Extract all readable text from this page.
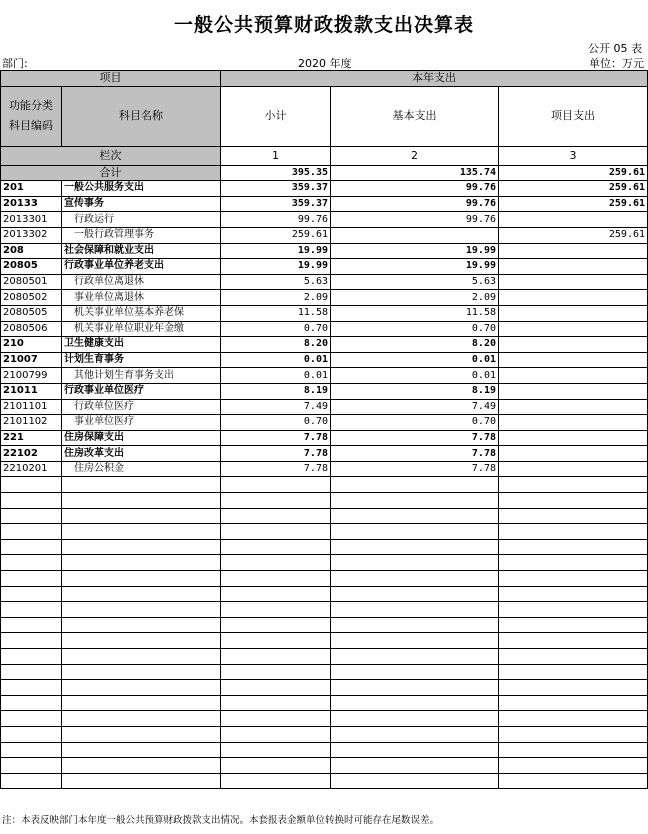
一般公共预算财政拨款支出决算表
公开 05 表
部门:	2020 年度	单位：万元
项目		本年支出		
功能分类
科目编码	科目名称	小计	基本支出	项目支出
栏次		1	2	3
合计		395.35	135.74	259.61
201	一般公共服务支出	359.37	99.76	259.61
20133	宣传事务	359.37	99.76	259.61
2013301	行政运行	99.76	99.76	
2013302	一般行政管理事务	259.61		259.61
208	社会保障和就业支出	19.99	19.99	
20805	行政事业单位养老支出	19.99	19.99	
2080501	行政单位离退休	5.63	5.63	
2080502	事业单位离退休	2.09	2.09	
2080505	机关事业单位基本养老保	11.58	11.58	
2080506	机关事业单位职业年金缴	0.70	0.70	
210	卫生健康支出	8.20	8.20	
21007	计划生育事务	0.01	0.01	
2100799	其他计划生育事务支出	0.01	0.01	
21011	行政事业单位医疗	8.19	8.19	
2101101	行政单位医疗	7.49	7.49	
2101102	事业单位医疗	0.70	0.70	
221	住房保障支出	7.78	7.78	
22102	住房改革支出	7.78	7.78	
2210201	住房公积金	7.78	7.78	

注：本表反映部门本年度一般公共预算财政拨款支出情况。本套报表金额单位转换时可能存在尾数误差。
